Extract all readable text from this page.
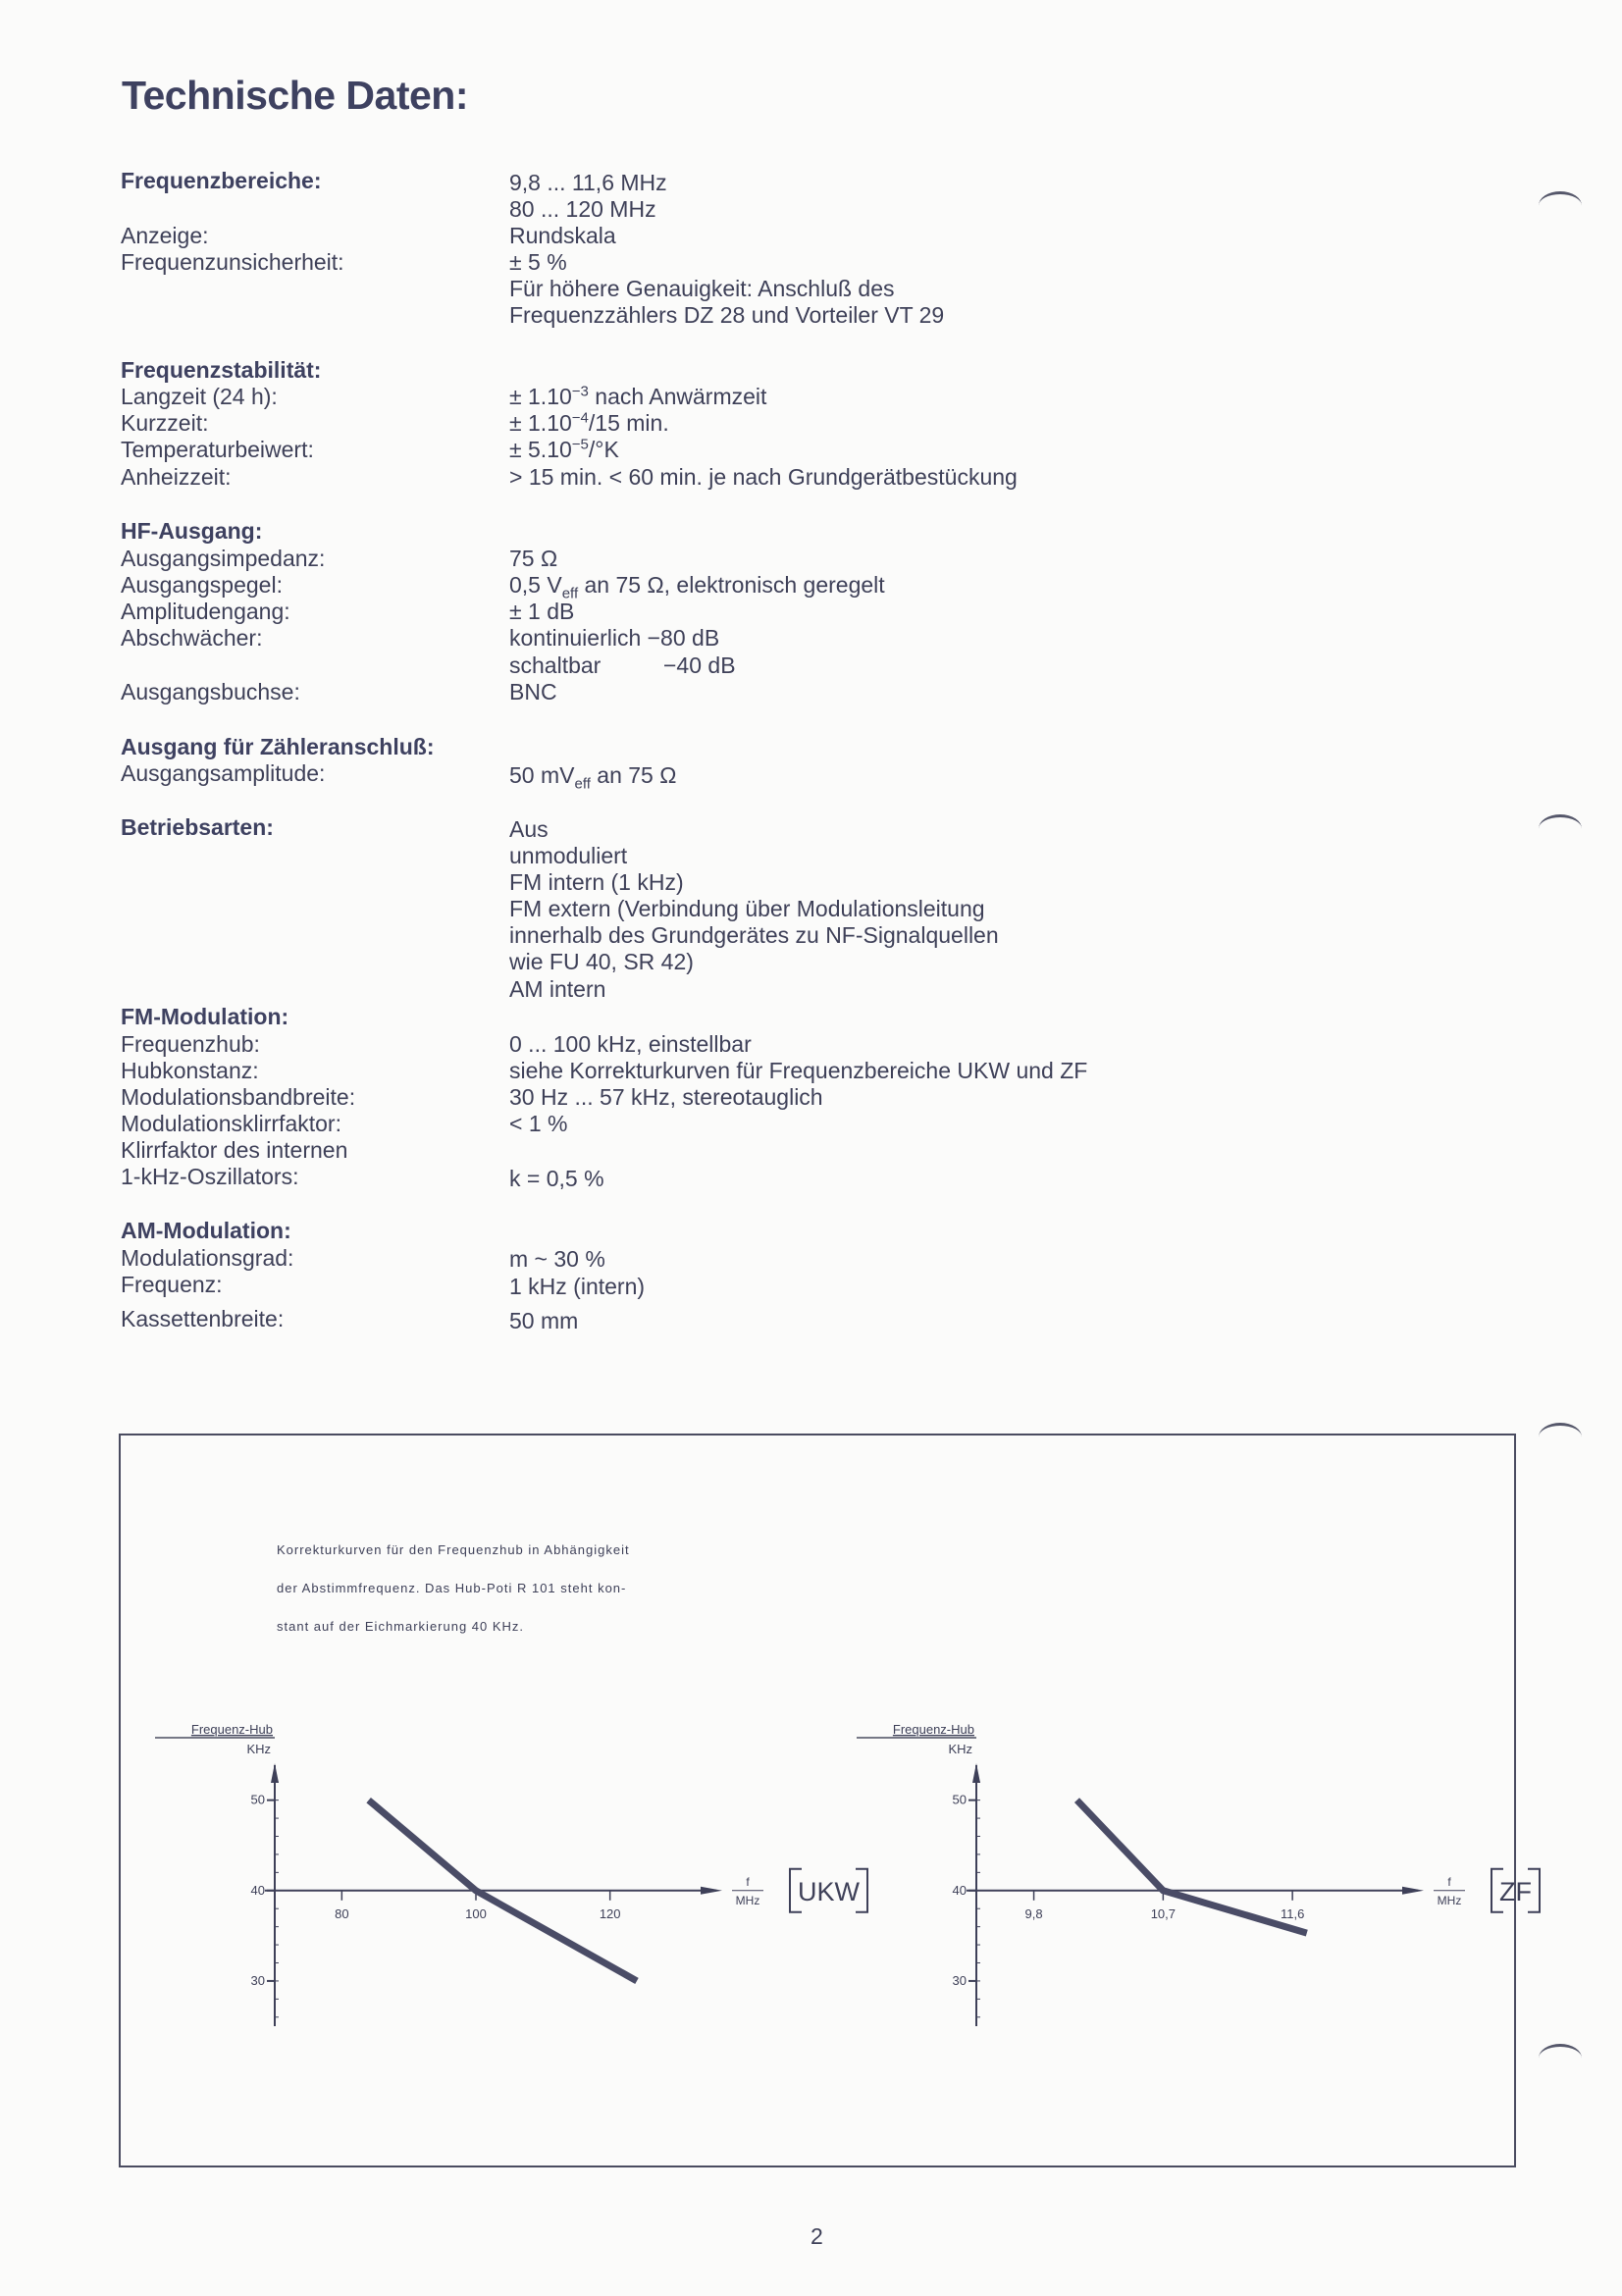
Technische Daten:
Frequenzbereiche:	9,8 ... 11,6 MHz
80 ... 120 MHz
Anzeige:	Rundskala
Frequenzunsicherheit:	± 5 %
Für höhere Genauigkeit: Anschluß des
Frequenzzählers DZ 28 und Vorteiler VT 29
Frequenzstabilität:
Langzeit (24 h):	± $1.10^{-3}$ nach Anwärmzeit
Kurzzeit:	± $1.10^{-4}/15$ min.
Temperaturbeiwert:	± $5.10^{-5}/^\circ K$
Anheizzeit:	> 15 min. < 60 min. je nach Grundgerätbestückung
HF-Ausgang:
Ausgangsimpedanz:	75 Ω
Ausgangspegel:	0,5 $V_{eff}$ an 75 Ω, elektronisch geregelt
Amplitudengang:	± 1 dB
Abschwächer:	kontinuierlich −80 dB
schaltbar	−40 dB
Ausgangsbuchse:	BNC
Ausgang für Zähleranschluß:
Ausgangsamplitude:	50 $mV_{eff}$ an 75 Ω
Betriebsarten:	Aus
unmoduliert
FM intern (1 kHz)
FM extern (Verbindung über Modulationsleitung
innerhalb des Grundgerätes zu NF-Signalquellen
wie FU 40, SR 42)
AM intern
FM-Modulation:
Frequenzhub:	0 ... 100 kHz, einstellbar
Hubkonstanz:	siehe Korrekturkurven für Frequenzbereiche UKW und ZF
Modulationsbandbreite:	30 Hz ... 57 kHz, stereotauglich
Modulationsklirrfaktor:	< 1 %
Klirrfaktor des internen
1-kHz-Oszillators:	k = 0,5 %
AM-Modulation:
Modulationsgrad:	m ~ 30 %
Frequenz:	1 kHz (intern)
Kassettenbreite:	50 mm
Korrekturkurven für den Frequenzhub in Abhängigkeit
der Abstimmfrequenz. Das Hub-Poti R 101 steht kon-
stant auf der Eichmarkierung 40 KHz.
Frequenz-Hub
KHz
30
40
50
80	100	120
f
MHz UKW
Frequenz-Hub
KHz
30
40
50
9,8	10,7	11,6
f
MHz ZF
2
